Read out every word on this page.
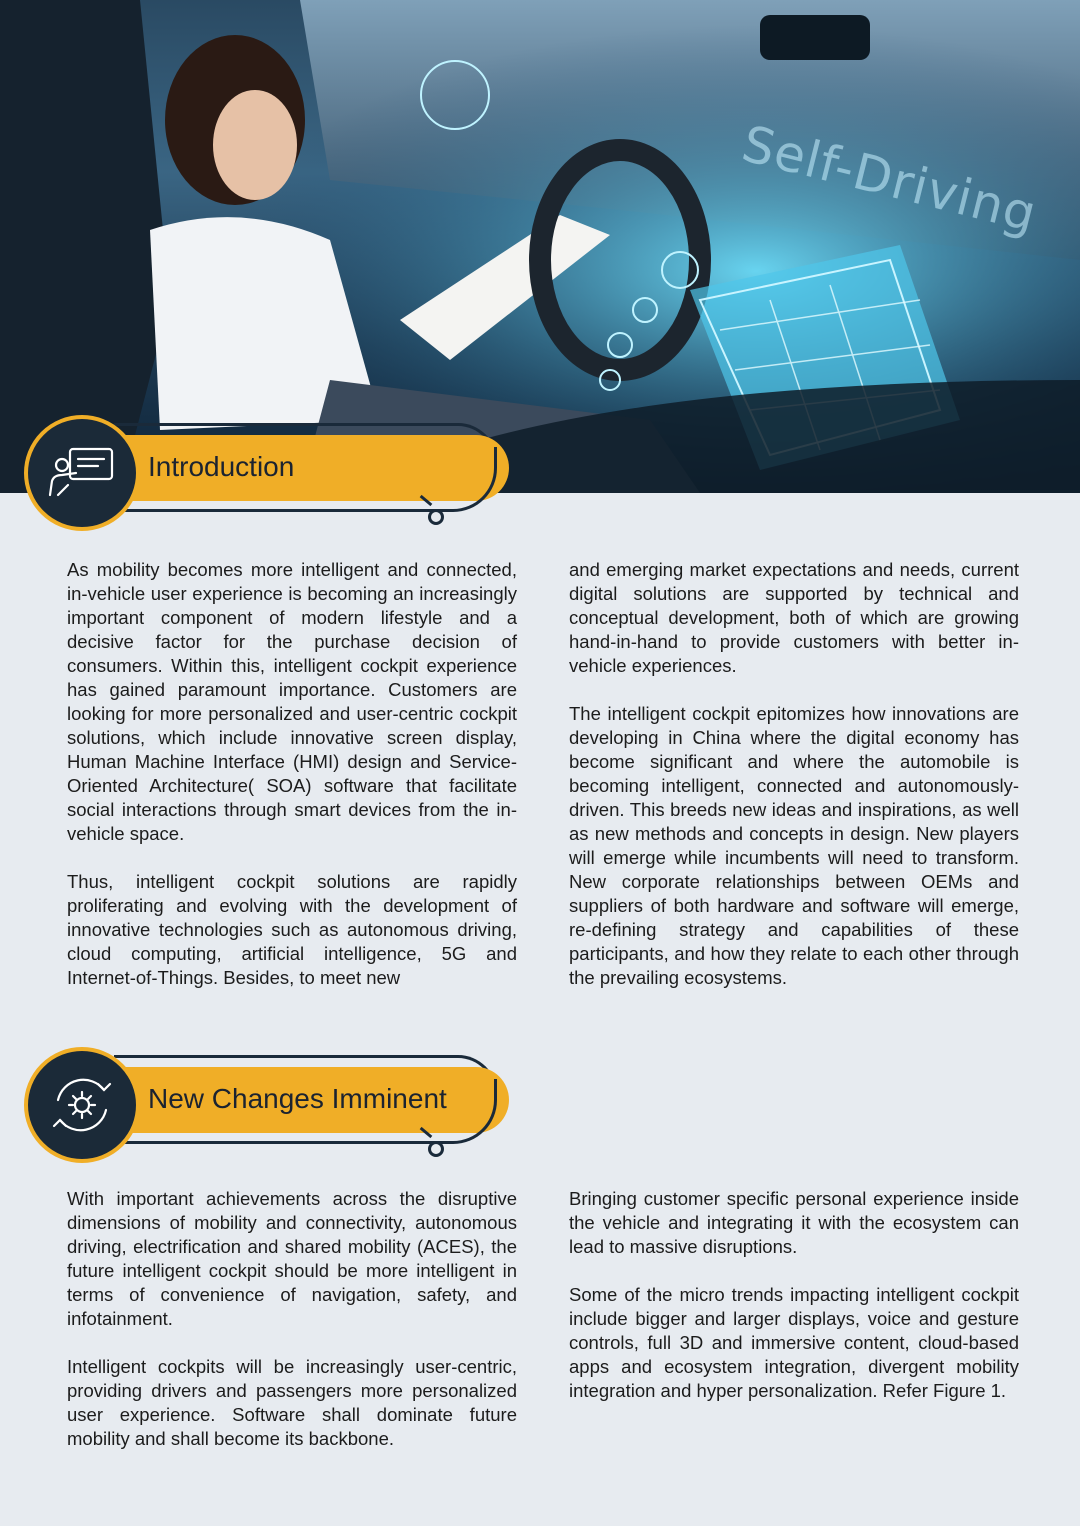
Self-Driving
Introduction

As mobility becomes more intelligent and connected, in-vehicle user experience is becoming an increasingly important component of modern lifestyle and a decisive factor for the purchase decision of consumers. Within this, intelligent cockpit experience has gained paramount importance. Customers are looking for more personalized and user-centric cockpit solutions, which include innovative screen display, Human Machine Interface (HMI) design and Service-Oriented Architecture( SOA) software that facilitate social interactions through smart devices from the in-vehicle space.

Thus, intelligent cockpit solutions are rapidly proliferating and evolving with the development of innovative technologies such as autonomous driving, cloud computing, artificial intelligence, 5G and Internet-of-Things. Besides, to meet new

and emerging market expectations and needs, current digital solutions are supported by technical and conceptual development, both of which are growing hand-in-hand to provide customers with better in-vehicle experiences.

The intelligent cockpit epitomizes how innovations are developing in China where the digital economy has become significant and where the automobile is becoming intelligent, connected and autonomously-driven. This breeds new ideas and inspirations, as well as new methods and concepts in design. New players will emerge while incumbents will need to transform. New corporate relationships between OEMs and suppliers of both hardware and software will emerge, re-defining strategy and capabilities of these participants, and how they relate to each other through the prevailing ecosystems.

New Changes Imminent

With important achievements across the disruptive dimensions of mobility and connectivity, autonomous driving, electrification and shared mobility (ACES), the future intelligent cockpit should be more intelligent in terms of convenience of navigation, safety, and infotainment.

Intelligent cockpits will be increasingly user-centric, providing drivers and passengers more personalized user experience. Software shall dominate future mobility and shall become its backbone.

Bringing customer specific personal experience inside the vehicle and integrating it with the ecosystem can lead to massive disruptions.

Some of the micro trends impacting intelligent cockpit include bigger and larger displays, voice and gesture controls, full 3D and immersive content, cloud-based apps and ecosystem integration, divergent mobility integration and hyper personalization. Refer Figure 1.
